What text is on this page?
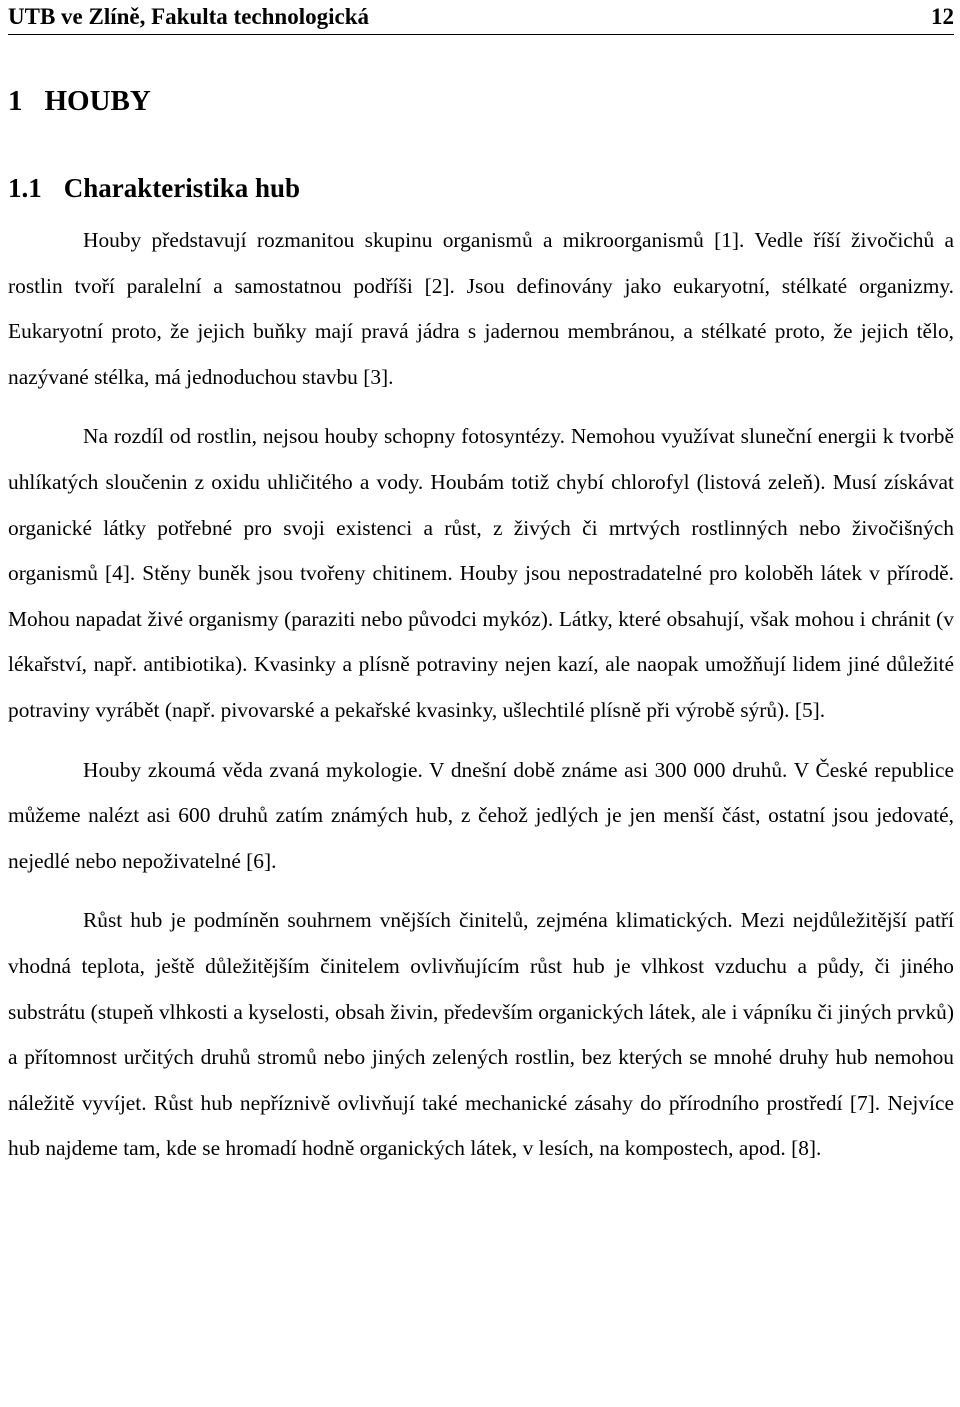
UTB ve Zlíně, Fakultа technologická	12
1 HOUBY
1.1 Charakteristika hub

Houby představují rozmanitou skupinu organismů a mikroorganismů [1]. Vedle říší živočichů a rostlin tvoří paralelní a samostatnou podříši [2]. Jsou definovány jako eukaryotní, stélkaté organizmy. Eukaryotní proto, že jejich buňky mají pravá jádra s jadernou membránou, a stélkaté proto, že jejich tělo, nazývané stélka, má jednoduchou stavbu [3].

Na rozdíl od rostlin, nejsou houby schopny fotosyntézy. Nemohou využívat sluneční energii k tvorbě uhlíkatých sloučenin z oxidu uhličitého a vody. Houbám totiž chybí chlorofyl (listová zeleň). Musí získávat organické látky potřebné pro svoji existenci a růst, z živých či mrtvých rostlinných nebo živočišných organismů [4]. Stěny buněk jsou tvořeny chitinem. Houby jsou nepostradatelné pro koloběh látek v přírodě. Mohou napadat živé organismy (paraziti nebo původci mykóz). Látky, které obsahují, však mohou i chránit (v lékařství, např. antibiotika). Kvasinky a plísně potraviny nejen kazí, ale naopak umožňují lidem jiné důležité potraviny vyrábět (např. pivovarské a pekařské kvasinky, ušlechtilé plísně při výrobě sýrů). [5].

Houby zkoumá věda zvaná mykologie. V dnešní době známe asi 300 000 druhů. V České republice můžeme nalézt asi 600 druhů zatím známých hub, z čehož jedlých je jen menší část, ostatní jsou jedovaté, nejedlé nebo nepoživatelné [6].

Růst hub je podmíněn souhrnem vnějších činitelů, zejména klimatických. Mezi nejdůležitější patří vhodná teplota, ještě důležitějším činitelem ovlivňujícím růst hub je vlhkost vzduchu a půdy, či jiného substrátu (stupeň vlhkosti a kyselosti, obsah živin, především organických látek, ale i vápníku či jiných prvků) a přítomnost určitých druhů stromů nebo jiných zelených rostlin, bez kterých se mnohé druhy hub nemohou náležitě vyvíjet. Růst hub nepříznivě ovlivňují také mechanické zásahy do přírodního prostředí [7]. Nejvíce hub najdeme tam, kde se hromadí hodně organických látek, v lesích, na kompostech, apod. [8].
